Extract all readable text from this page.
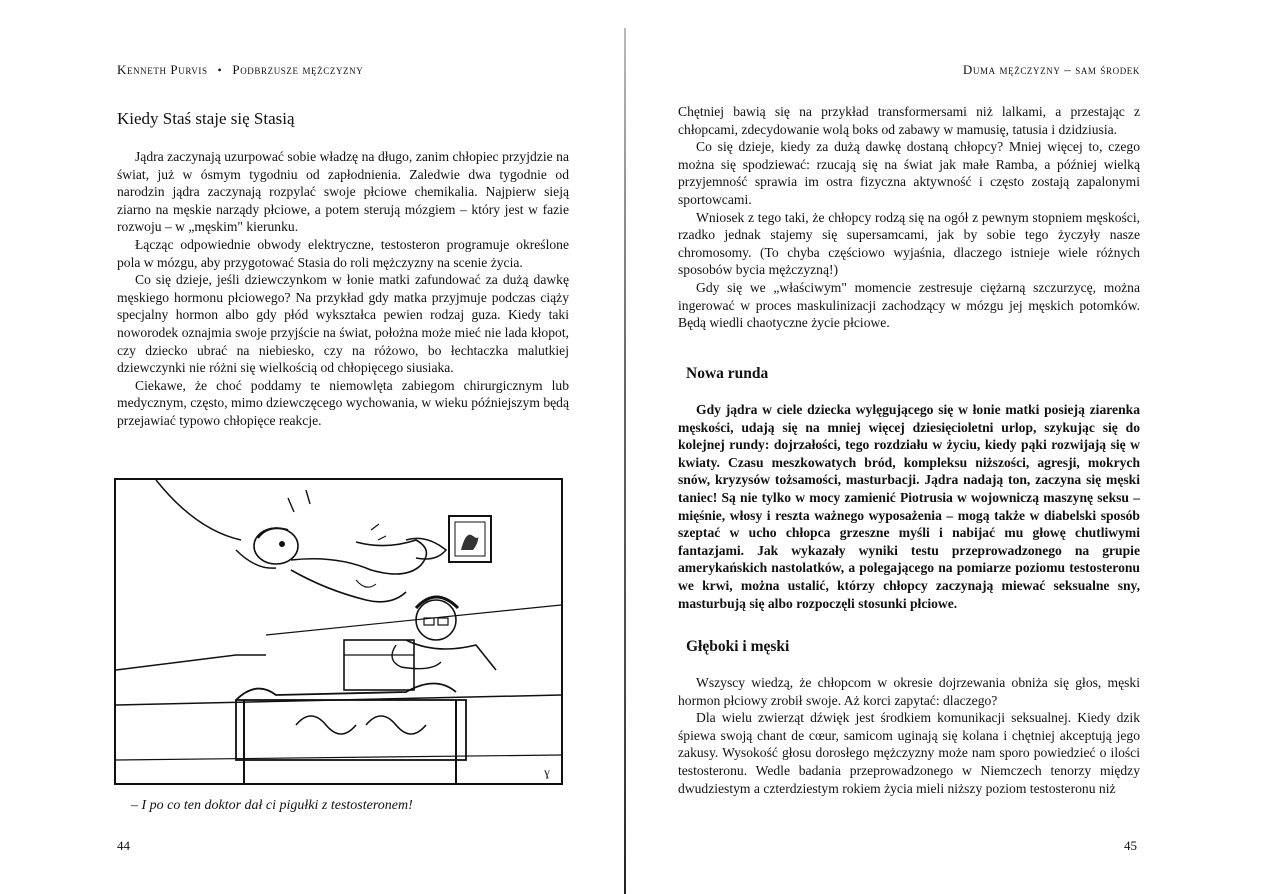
Kenneth Purvis • Podbrzusze mężczyzny
Kiedy Staś staje się Stasią

Jądra zaczynają uzurpować sobie władzę na długo, zanim chłopiec przyjdzie na świat, już w ósmym tygodniu od zapłodnienia. Zaledwie dwa tygodnie od narodzin jądra zaczynają rozpylać swoje płciowe chemikalia. Najpierw sieją ziarno na męskie narządy płciowe, a potem sterują mózgiem – który jest w fazie rozwoju – w „męskim" kierunku.

Łącząc odpowiednie obwody elektryczne, testosteron programuje określone pola w mózgu, aby przygotować Stasia do roli mężczyzny na scenie życia.

Co się dzieje, jeśli dziewczynkom w łonie matki zafundować za dużą dawkę męskiego hormonu płciowego? Na przykład gdy matka przyjmuje podczas ciąży specjalny hormon albo gdy płód wykształca pewien rodzaj guza. Kiedy taki noworodek oznajmia swoje przyjście na świat, położna może mieć nie lada kłopot, czy dziecko ubrać na niebiesko, czy na różowo, bo łechtaczka malutkiej dziewczynki nie różni się wielkością od chłopięcego siusiaka.

Ciekawe, że choć poddamy te niemowlęta zabiegom chirurgicznym lub medycznym, często, mimo dziewczęcego wychowania, w wieku późniejszym będą przejawiać typowo chłopięce reakcje.

ɣ
– I po co ten doktor dał ci pigułki z testosteronem!
44
Duma mężczyzny – sam środek

Chętniej bawią się na przykład transformersami niż lalkami, a przestając z chłopcami, zdecydowanie wolą boks od zabawy w mamusię, tatusia i dzidziusia.

Co się dzieje, kiedy za dużą dawkę dostaną chłopcy? Mniej więcej to, czego można się spodziewać: rzucają się na świat jak małe Ramba, a później wielką przyjemność sprawia im ostra fizyczna aktywność i często zostają zapalonymi sportowcami.

Wniosek z tego taki, że chłopcy rodzą się na ogół z pewnym stopniem męskości, rzadko jednak stajemy się supersamcami, jak by sobie tego życzyły nasze chromosomy. (To chyba częściowo wyjaśnia, dlaczego istnieje wiele różnych sposobów bycia mężczyzną!)

Gdy się we „właściwym" momencie zestresuje ciężarną szczurzycę, można ingerować w proces maskulinizacji zachodzący w mózgu jej męskich potomków. Będą wiedli chaotyczne życie płciowe.

Nowa runda

Gdy jądra w ciele dziecka wylęgującego się w łonie matki posieją ziarenka męskości, udają się na mniej więcej dziesięcioletni urlop, szykując się do kolejnej rundy: dojrzałości, tego rozdziału w życiu, kiedy pąki rozwijają się w kwiaty. Czasu meszkowatych bród, kompleksu niższości, agresji, mokrych snów, kryzysów tożsamości, masturbacji. Jądra nadają ton, zaczyna się męski taniec! Są nie tylko w mocy zamienić Piotrusia w wojowniczą maszynę seksu – mięśnie, włosy i reszta ważnego wyposażenia – mogą także w diabelski sposób szeptać w ucho chłopca grzeszne myśli i nabijać mu głowę chutliwymi fantazjami. Jak wykazały wyniki testu przeprowadzonego na grupie amerykańskich nastolatków, a polegającego na pomiarze poziomu testosteronu we krwi, można ustalić, którzy chłopcy zaczynają miewać seksualne sny, masturbują się albo rozpoczęli stosunki płciowe.

Głęboki i męski

Wszyscy wiedzą, że chłopcom w okresie dojrzewania obniża się głos, męski hormon płciowy zrobił swoje. Aż korci zapytać: dlaczego?

Dla wielu zwierząt dźwięk jest środkiem komunikacji seksualnej. Kiedy dzik śpiewa swoją chant de cœur, samicom uginają się kolana i chętniej akceptują jego zakusy. Wysokość głosu dorosłego mężczyzny może nam sporo powiedzieć o ilości testosteronu. Wedle badania przeprowadzonego w Niemczech tenorzy między dwudziestym a czterdziestym rokiem życia mieli niższy poziom testosteronu niż

45
